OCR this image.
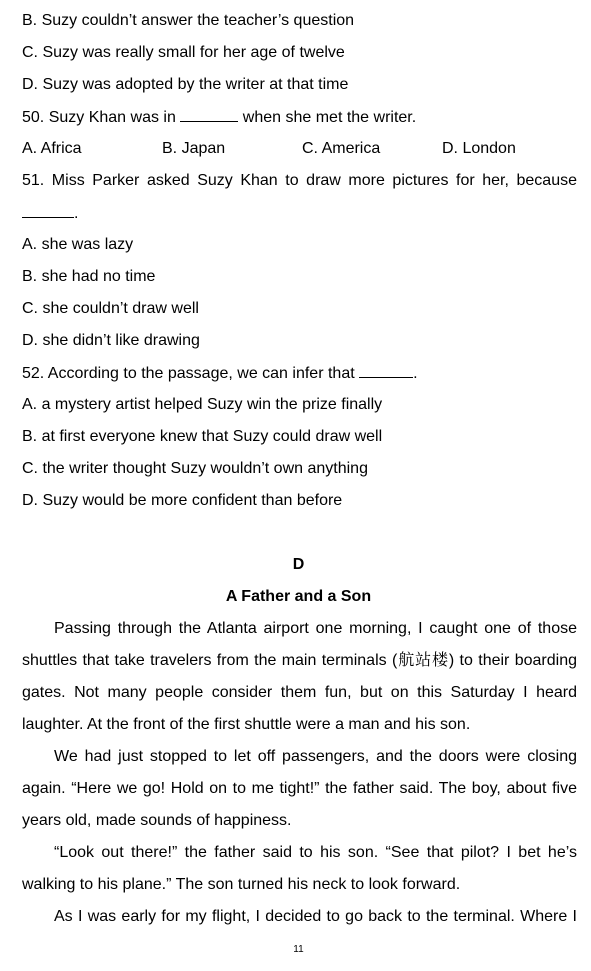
B. Suzy couldn’t answer the teacher’s question
C. Suzy was really small for her age of twelve
D. Suzy was adopted by the writer at that time
50. Suzy Khan was in	when she met the writer.
A. Africa	B. Japan	C. America	D. London
51. Miss Parker asked Suzy Khan to draw more pictures for her, because
.
A. she was lazy
B. she had no time
C. she couldn’t draw well
D. she didn’t like drawing
52. According to the passage, we can infer that	.
A. a mystery artist helped Suzy win the prize finally
B. at first everyone knew that Suzy could draw well
C. the writer thought Suzy wouldn’t own anything
D. Suzy would be more confident than before
D
A Father and a Son
Passing through the Atlanta airport one morning, I caught one of those
shuttles that take travelers from the main terminals (航站楼) to their boarding
gates. Not many people consider them fun, but on this Saturday I heard
laughter. At the front of the first shuttle were a man and his son.
We had just stopped to let off passengers, and the doors were closing
again. “Here we go! Hold on to me tight!” the father said. The boy, about five
years old, made sounds of happiness.
“Look out there!” the father said to his son. “See that pilot? I bet he’s
walking to his plane.” The son turned his neck to look forward.
As I was early for my flight, I decided to go back to the terminal. Where I
11
